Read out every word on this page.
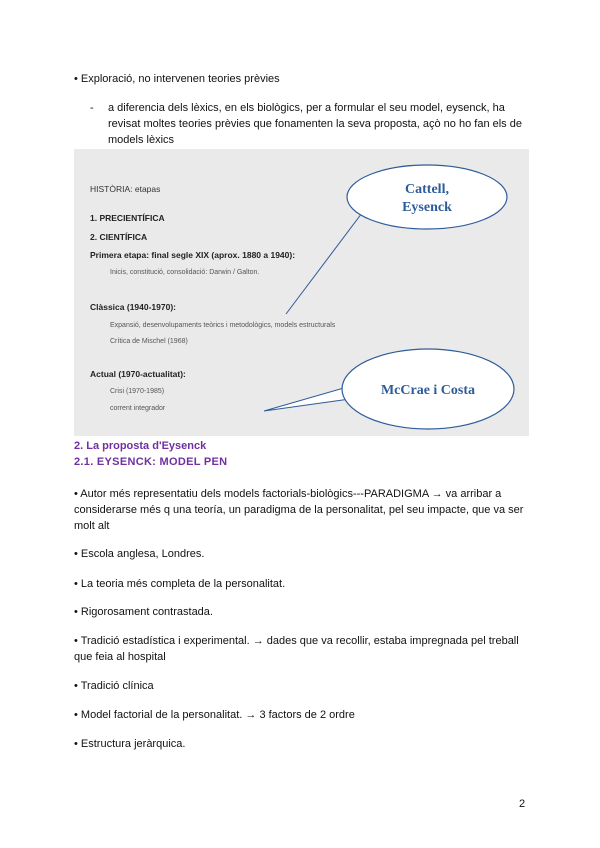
• Exploració, no intervenen teories prèvies

-	a diferencia dels lèxics, en els biològics, per a formular el seu model, eysenck, ha revisat moltes teories prèvies que fonamenten la seva proposta, açò no ho fan els de models lèxics
Cattell,
Eysenck
McCrae i Costa
HISTÒRIA: etapas
1. PRECIENTÍFICA
2. CIENTÍFICA
Primera etapa: final segle XIX (aprox. 1880 a 1940):
Inicis, constitució, consolidació: Darwin / Galton.
Clàssica (1940-1970):
Expansió, desenvolupaments teòrics i metodològics, models estructurals
Crítica de Mischel (1968)
Actual (1970-actualitat):
Crisi (1970-1985)
corrent integrador
2. La proposta d'Eysenck
2.1. EYSENCK: MODEL PEN

• Autor més representatiu dels models factorials-biològics---PARADIGMA → va arribar a considerarse més q una teoría, un paradigma de la personalitat, pel seu impacte, que va ser molt alt

• Escola anglesa, Londres.

• La teoria més completa de la personalitat.

• Rigorosament contrastada.

• Tradició estadística i experimental. → dades que va recollir, estaba impregnada pel treball que feia al hospital

• Tradició clínica

• Model factorial de la personalitat. → 3 factors de 2 ordre

• Estructura jeràrquica.

2
